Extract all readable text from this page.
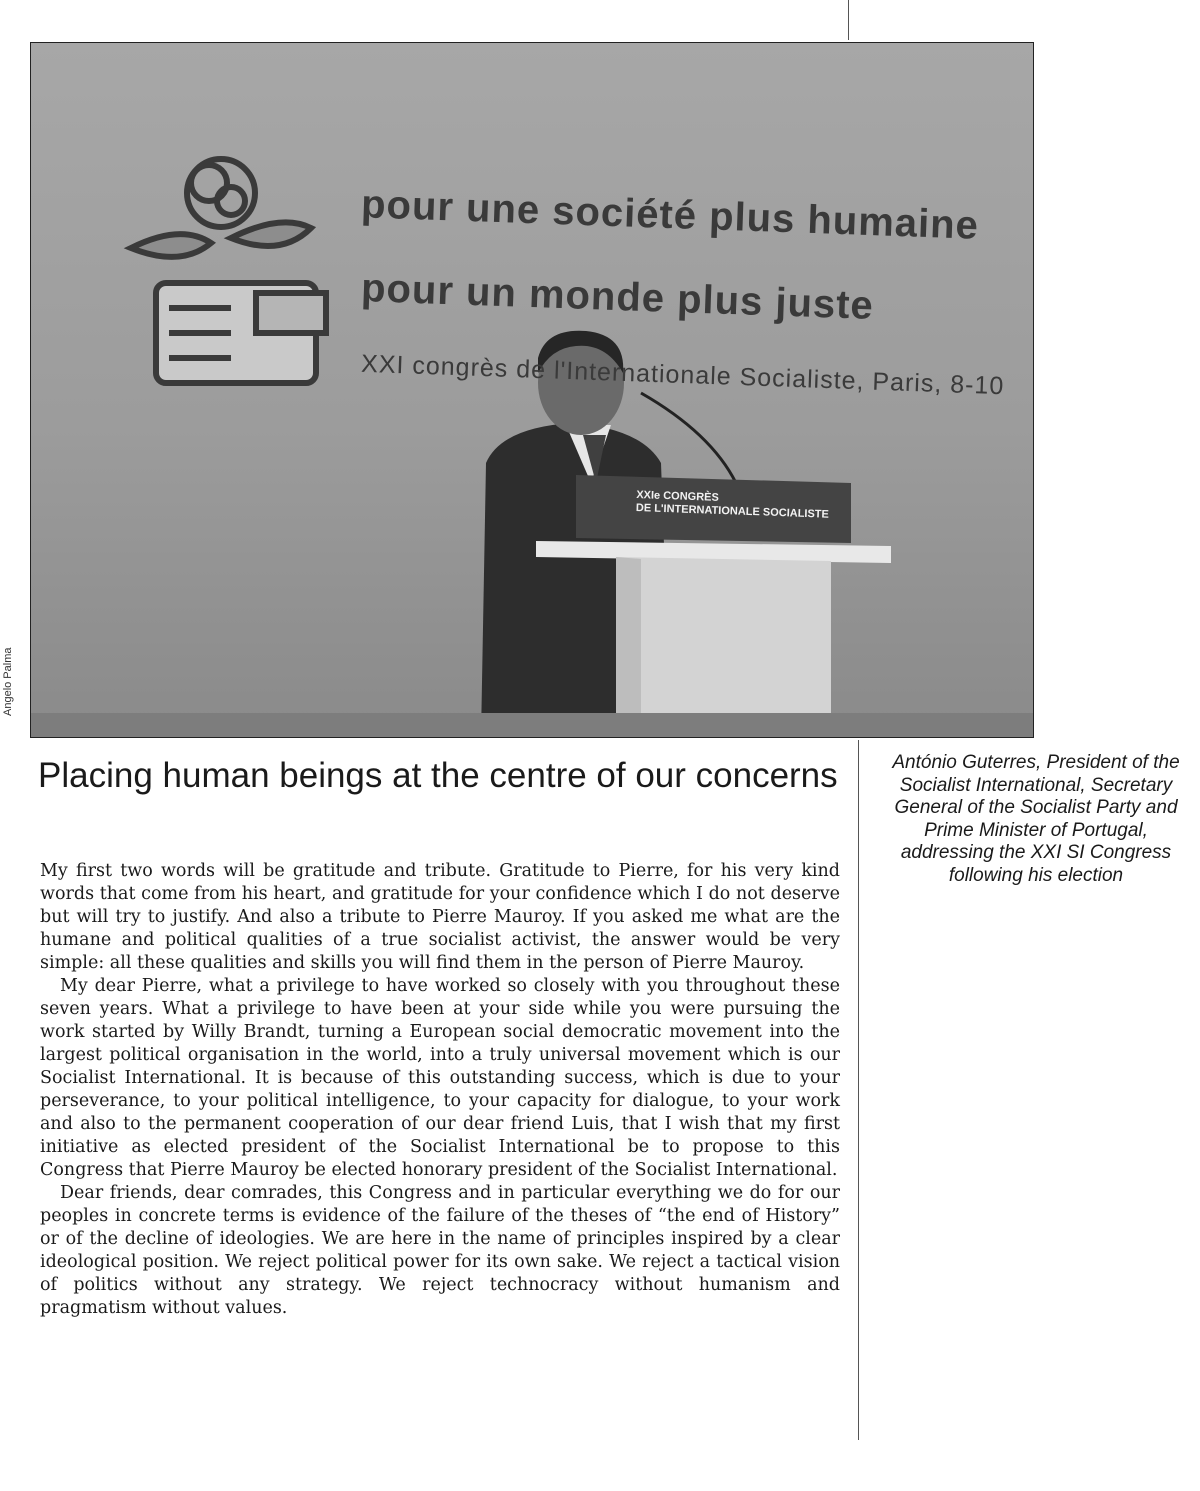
Angelo Palma
pour une société plus humaine
pour un monde plus juste
XXI congrès de l'Internationale Socialiste, Paris, 8-10
XXIe CONGRÈS
DE L'INTERNATIONALE SOCIALISTE
Placing human beings at the centre of our concerns

My first two words will be gratitude and tribute. Gratitude to Pierre, for his very kind words that come from his heart, and gratitude for your confidence which I do not deserve but will try to justify. And also a tribute to Pierre Mauroy. If you asked me what are the humane and political qualities of a true socialist activist, the answer would be very simple: all these qualities and skills you will find them in the person of Pierre Mauroy.

My dear Pierre, what a privilege to have worked so closely with you throughout these seven years. What a privilege to have been at your side while you were pursuing the work started by Willy Brandt, turning a European social democratic movement into the largest political organisation in the world, into a truly universal movement which is our Socialist International. It is because of this outstanding success, which is due to your perseverance, to your political intelligence, to your capacity for dialogue, to your work and also to the permanent cooperation of our dear friend Luis, that I wish that my first initiative as elected president of the Socialist International be to propose to this Congress that Pierre Mauroy be elected honorary president of the Socialist International.

Dear friends, dear comrades, this Congress and in particular everything we do for our peoples in concrete terms is evidence of the failure of the theses of “the end of History” or of the decline of ideologies. We are here in the name of principles inspired by a clear ideological position. We reject political power for its own sake. We reject a tactical vision of politics without any strategy. We reject technocracy without humanism and pragmatism without values.

António Guterres, President of the Socialist International, Secretary General of the Socialist Party and Prime Minister of Portugal, addressing the XXI SI Congress following his election
